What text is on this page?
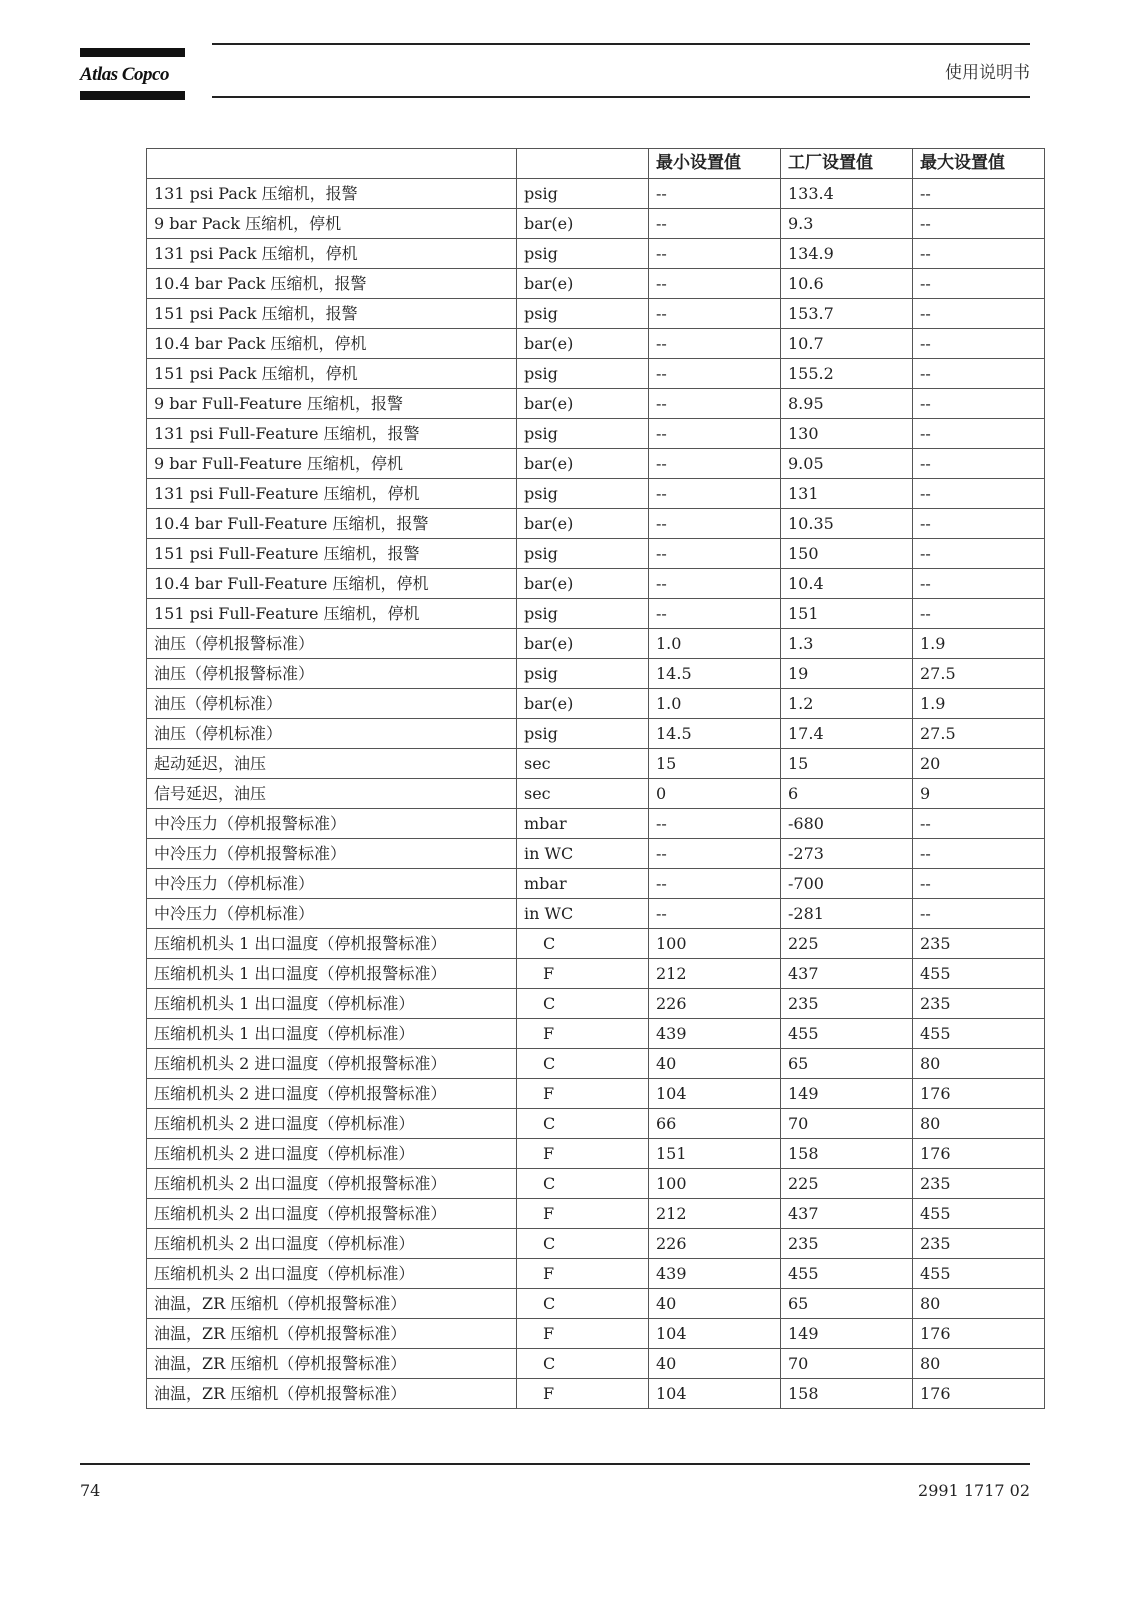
Atlas Copco	使用说明书
		最小设置值	工厂设置值	最大设置值
131 psi Pack 压缩机，报警	psig	--	133.4	--
9 bar Pack 压缩机，停机	bar(e)	--	9.3	--
131 psi Pack 压缩机，停机	psig	--	134.9	--
10.4 bar Pack 压缩机，报警	bar(e)	--	10.6	--
151 psi Pack 压缩机，报警	psig	--	153.7	--
10.4 bar Pack 压缩机，停机	bar(e)	--	10.7	--
151 psi Pack 压缩机，停机	psig	--	155.2	--
9 bar Full-Feature 压缩机，报警	bar(e)	--	8.95	--
131 psi Full-Feature 压缩机，报警	psig	--	130	--
9 bar Full-Feature 压缩机，停机	bar(e)	--	9.05	--
131 psi Full-Feature 压缩机，停机	psig	--	131	--
10.4 bar Full-Feature 压缩机，报警	bar(e)	--	10.35	--
151 psi Full-Feature 压缩机，报警	psig	--	150	--
10.4 bar Full-Feature 压缩机，停机	bar(e)	--	10.4	--
151 psi Full-Feature 压缩机，停机	psig	--	151	--
油压（停机报警标准）	bar(e)	1.0	1.3	1.9
油压（停机报警标准）	psig	14.5	19	27.5
油压（停机标准）	bar(e)	1.0	1.2	1.9
油压（停机标准）	psig	14.5	17.4	27.5
起动延迟，油压	sec	15	15	20
信号延迟，油压	sec	0	6	9
中冷压力（停机报警标准）	mbar	--	-680	--
中冷压力（停机报警标准）	in WC	--	-273	--
中冷压力（停机标准）	mbar	--	-700	--
中冷压力（停机标准）	in WC	--	-281	--
压缩机机头 1 出口温度（停机报警标准）	C	100	225	235
压缩机机头 1 出口温度（停机报警标准）	F	212	437	455
压缩机机头 1 出口温度（停机标准）	C	226	235	235
压缩机机头 1 出口温度（停机标准）	F	439	455	455
压缩机机头 2 进口温度（停机报警标准）	C	40	65	80
压缩机机头 2 进口温度（停机报警标准）	F	104	149	176
压缩机机头 2 进口温度（停机标准）	C	66	70	80
压缩机机头 2 进口温度（停机标准）	F	151	158	176
压缩机机头 2 出口温度（停机报警标准）	C	100	225	235
压缩机机头 2 出口温度（停机报警标准）	F	212	437	455
压缩机机头 2 出口温度（停机标准）	C	226	235	235
压缩机机头 2 出口温度（停机标准）	F	439	455	455
油温，ZR 压缩机（停机报警标准）	C	40	65	80
油温，ZR 压缩机（停机报警标准）	F	104	149	176
油温，ZR 压缩机（停机报警标准）	C	40	70	80
油温，ZR 压缩机（停机报警标准）	F	104	158	176
74	2991 1717 02
